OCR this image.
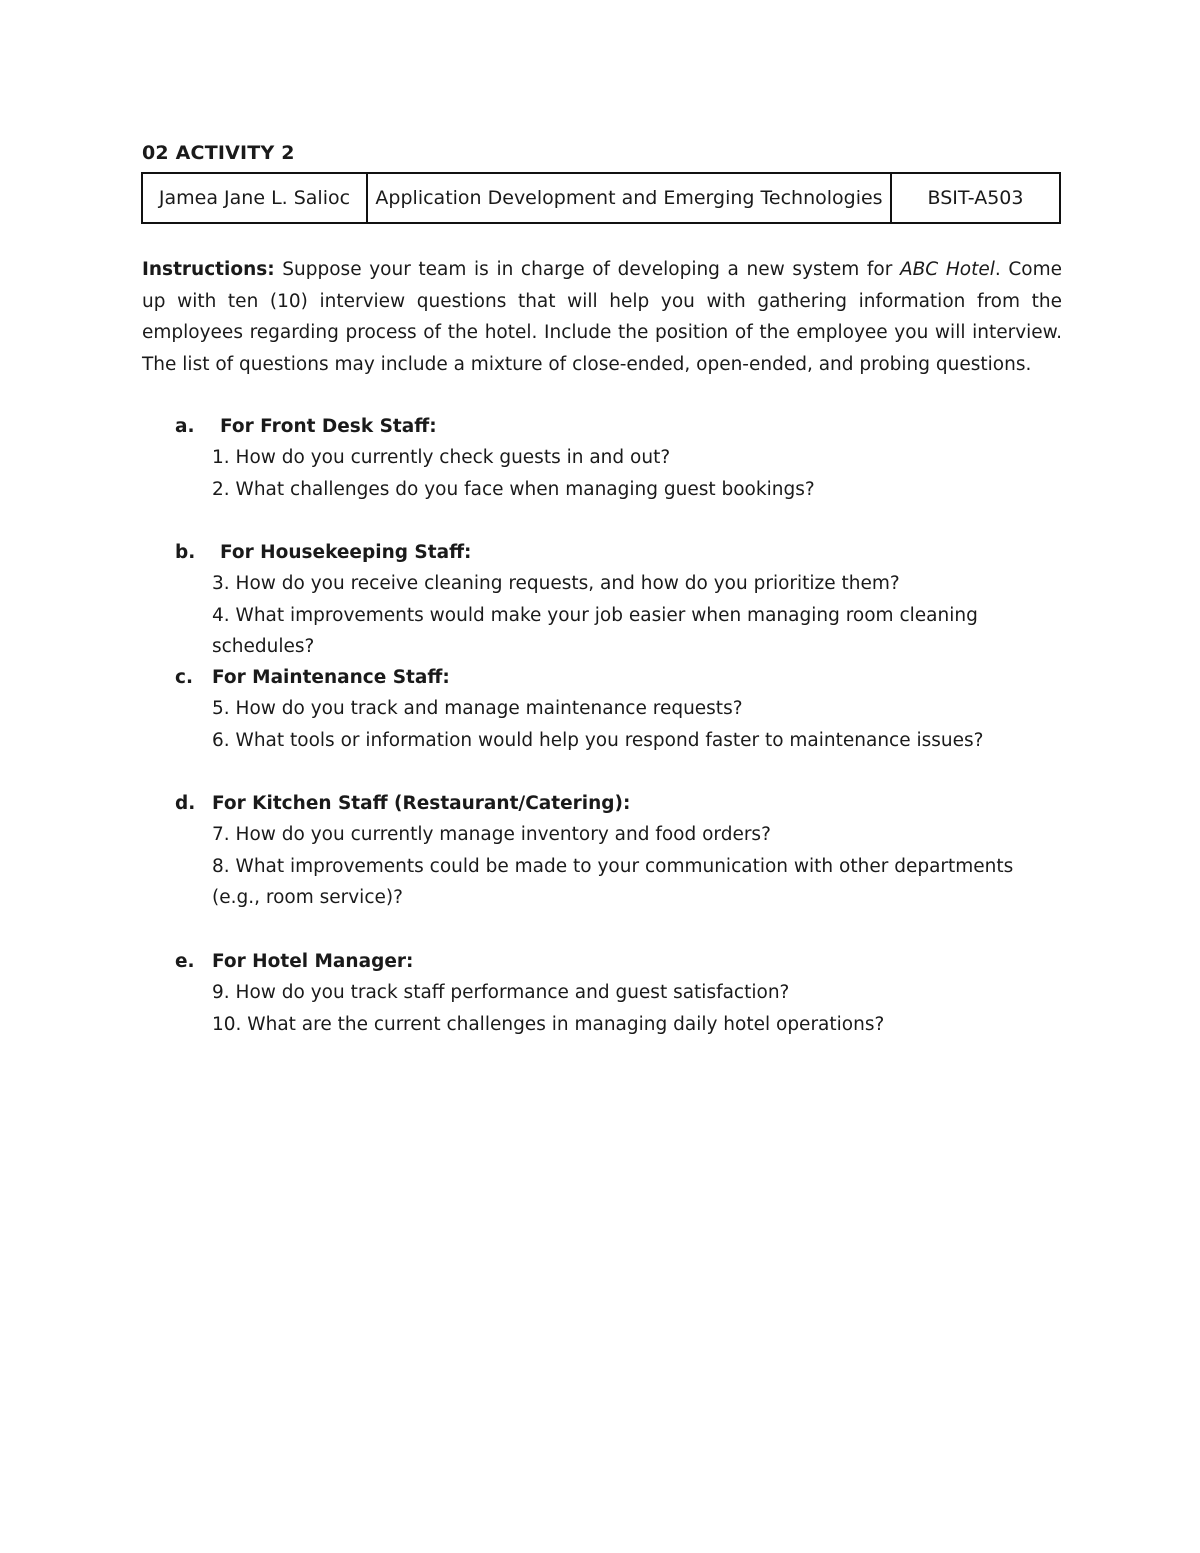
02 ACTIVITY 2
Jamea Jane L. Salioc	Application Development and Emerging Technologies	BSIT-A503
Instructions: Suppose your team is in charge of developing a new system for ABC Hotel. Come up with ten (10) interview questions that will help you with gathering information from the employees regarding process of the hotel. Include the position of the employee you will interview. The list of questions may include a mixture of close-ended, open-ended, and probing questions.
a.	For Front Desk Staff:
1. How do you currently check guests in and out?
2. What challenges do you face when managing guest bookings?
b.	For Housekeeping Staff:
3. How do you receive cleaning requests, and how do you prioritize them?
4. What improvements would make your job easier when managing room cleaning schedules?
c.	For Maintenance Staff:
5. How do you track and manage maintenance requests?
6. What tools or information would help you respond faster to maintenance issues?
d. For Kitchen Staff (Restaurant/Catering):
7. How do you currently manage inventory and food orders?
8. What improvements could be made to your communication with other departments (e.g., room service)?
e. For Hotel Manager:
9. How do you track staff performance and guest satisfaction?
10. What are the current challenges in managing daily hotel operations?
